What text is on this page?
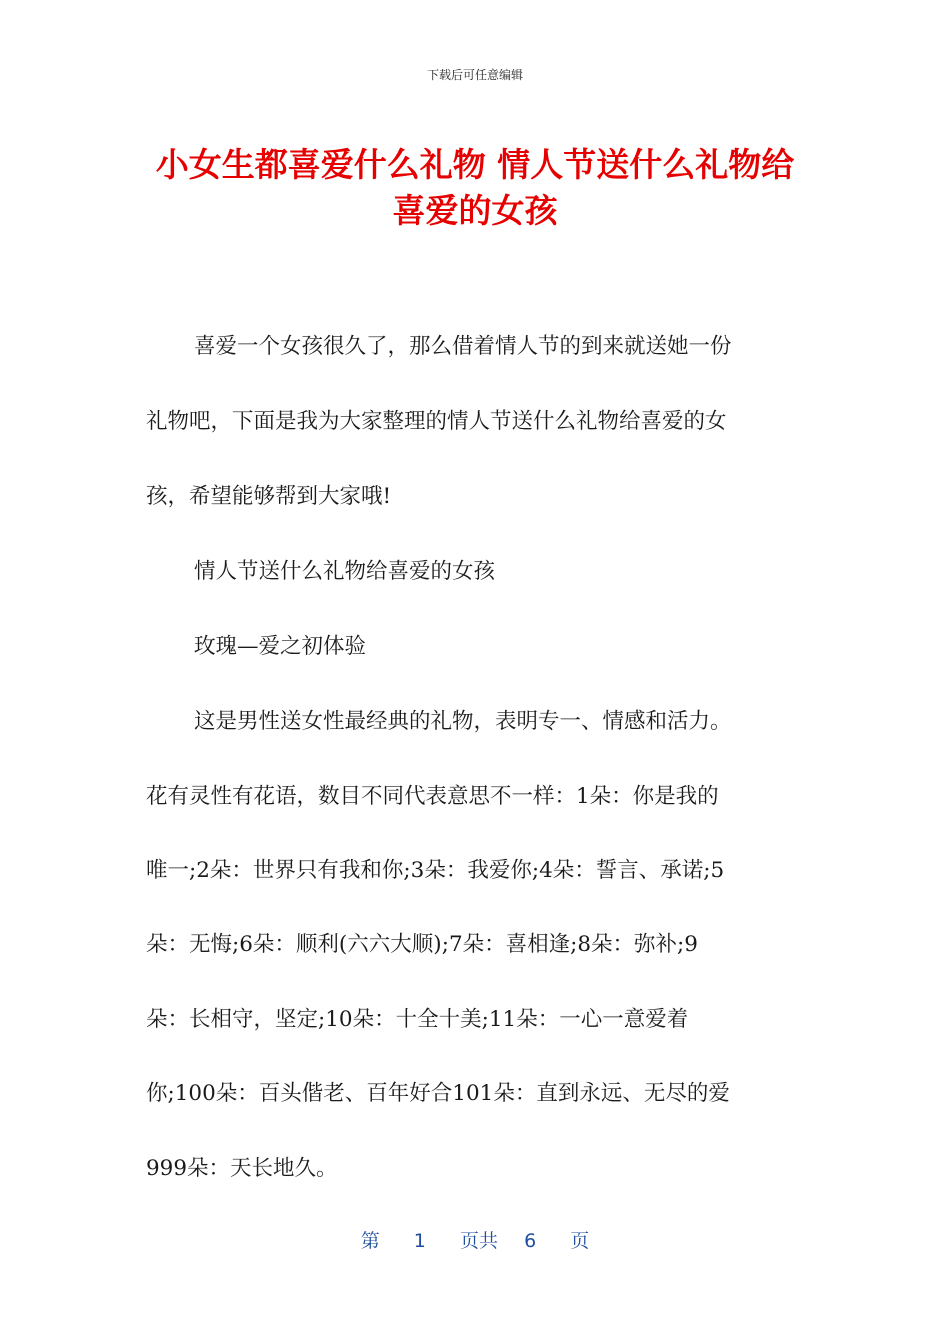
下载后可任意编辑
小女生都喜爱什么礼物 情人节送什么礼物给
喜爱的女孩
喜爱一个女孩很久了，那么借着情人节的到来就送她一份
礼物吧，下面是我为大家整理的情人节送什么礼物给喜爱的女
孩，希望能够帮到大家哦!
情人节送什么礼物给喜爱的女孩
玫瑰—爱之初体验
这是男性送女性最经典的礼物，表明专一、情感和活力。
花有灵性有花语，数目不同代表意思不一样：1朵：你是我的
唯一;2朵：世界只有我和你;3朵：我爱你;4朵：誓言、承诺;5
朵：无悔;6朵：顺利(六六大顺);7朵：喜相逢;8朵：弥补;9
朵：长相守，坚定;10朵：十全十美;11朵：一心一意爱着
你;100朵：百头偕老、百年好合101朵：直到永远、无尽的爱
999朵：天长地久。
第 1 页共 6 页
